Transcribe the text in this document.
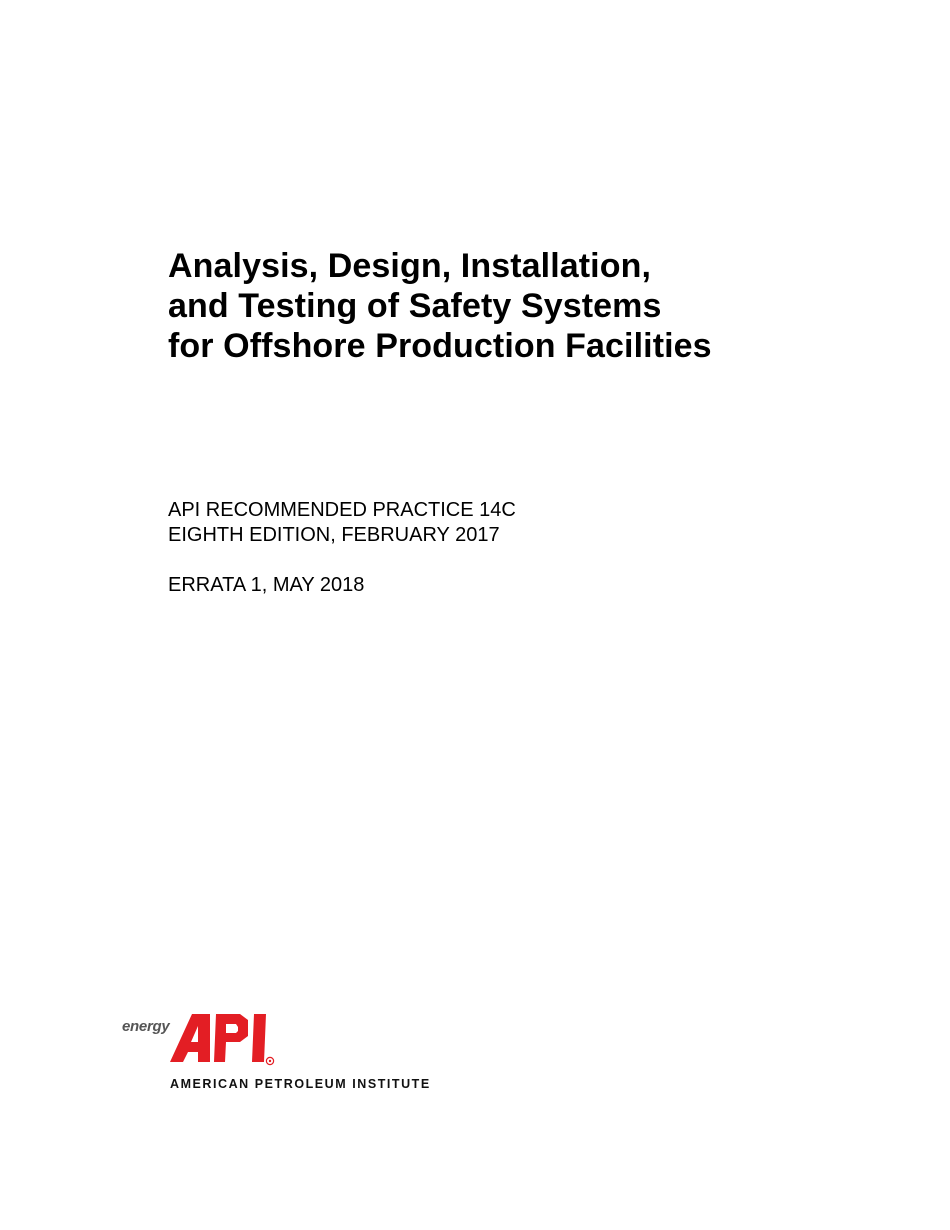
Analysis, Design, Installation,
and Testing of Safety Systems
for Offshore Production Facilities
API RECOMMENDED PRACTICE 14C
EIGHTH EDITION, FEBRUARY 2017
ERRATA 1, MAY 2018
energy
AMERICAN PETROLEUM INSTITUTE
